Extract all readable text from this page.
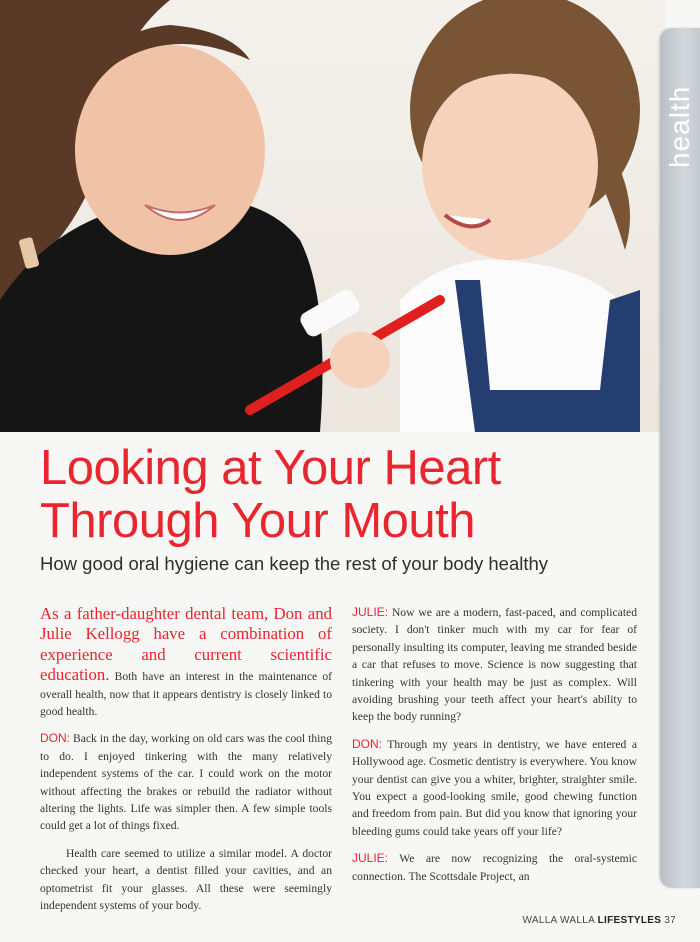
health
Looking at Your Heart
Through Your Mouth
How good oral hygiene can keep the rest of your body healthy

As a father-daughter dental team, Don and Julie Kellogg have a combination of experience and current scientific education. Both have an interest in the maintenance of overall health, now that it appears dentistry is closely linked to good health.

DON: Back in the day, working on old cars was the cool thing to do. I enjoyed tinkering with the many relatively independent systems of the car. I could work on the motor without affecting the brakes or rebuild the radiator without altering the lights. Life was simpler then. A few simple tools could get a lot of things fixed.

Health care seemed to utilize a similar model. A doctor checked your heart, a dentist filled your cavities, and an optometrist fit your glasses. All these were seemingly independent systems of your body.

JULIE: Now we are a modern, fast-paced, and complicated society. I don't tinker much with my car for fear of personally insulting its computer, leaving me stranded beside a car that refuses to move. Science is now suggesting that tinkering with your health may be just as complex. Will avoiding brushing your teeth affect your heart's ability to keep the body running?

DON: Through my years in dentistry, we have entered a Hollywood age. Cosmetic dentistry is everywhere. You know your dentist can give you a whiter, brighter, straighter smile. You expect a good-looking smile, good chewing function and freedom from pain. But did you know that ignoring your bleeding gums could take years off your life?

JULIE: We are now recognizing the oral-systemic connection. The Scottsdale Project, an

WALLA WALLA LIFESTYLES 37
